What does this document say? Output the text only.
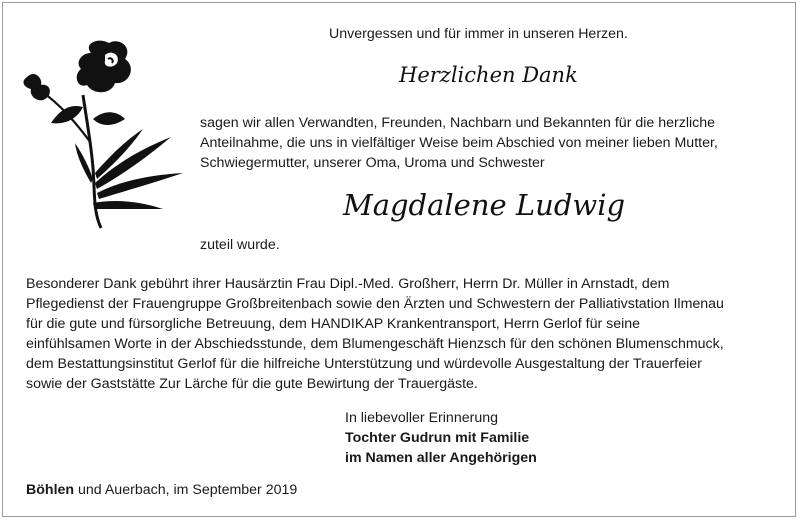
Unvergessen und für immer in unseren Herzen.
Herzlichen Dank
sagen wir allen Verwandten, Freunden, Nachbarn und Bekannten für die herzliche
Anteilnahme, die uns in vielfältiger Weise beim Abschied von meiner lieben Mutter,
Schwiegermutter, unserer Oma, Uroma und Schwester
Magdalene Ludwig
zuteil wurde.
Besonderer Dank gebührt ihrer Hausärztin Frau Dipl.-Med. Großherr, Herrn Dr. Müller in Arnstadt, dem
Pflegedienst der Frauengruppe Großbreitenbach sowie den Ärzten und Schwestern der Palliativstation Ilmenau
für die gute und fürsorgliche Betreuung, dem HANDIKAP Krankentransport, Herrn Gerlof für seine
einfühlsamen Worte in der Abschiedsstunde, dem Blumengeschäft Hienzsch für den schönen Blumenschmuck,
dem Bestattungsinstitut Gerlof für die hilfreiche Unterstützung und würdevolle Ausgestaltung der Trauerfeier
sowie der Gaststätte Zur Lärche für die gute Bewirtung der Trauergäste.
In liebevoller Erinnerung
Tochter Gudrun mit Familie
im Namen aller Angehörigen
Böhlen und Auerbach, im September 2019
